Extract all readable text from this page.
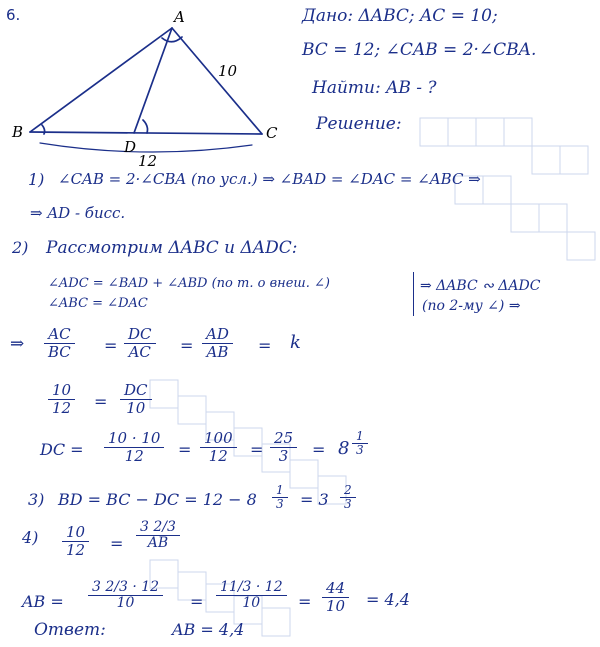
6.	A
B	C
D
10
12
Дано: ΔABC; AC = 10;
BC = 12; ∠CAB = 2·∠CBA.
Найти: AB - ?
Решение:
1) ∠CAB = 2·∠CBA (по усл.) ⇒ ∠BAD = ∠DAC = ∠ABC ⇒
⇒ AD - бисс.
2) Рассмотрим ΔABC и ΔADC:
∠ADC = ∠BAD + ∠ABD (по т. о внеш. ∠)
∠ABC = ∠DAC
⇒ ΔABC ∾ ΔADC
(по 2-му ∠) ⇒
⇒ $\frac{AC}{BC} = \frac{DC}{AC} = \frac{AD}{AB} = k$
$\frac{10}{12} = \frac{DC}{10}$
DC = $\frac{10 \cdot 10}{12} = \frac{100}{12} = \frac{25}{3} = 8 \frac{1}{3}$
3) BD = BC − DC = $12 - 8 \frac{1}{3} = 3 \frac{2}{3}$
$4) \frac{10}{12} = \frac{3 2/3}{AB}$
AB = $\frac{3 2/3 \cdot 12}{10} = \frac{11/3 \cdot 12}{10} = \frac{44}{10} = 4,4$
Ответ:	AB = 4,4
